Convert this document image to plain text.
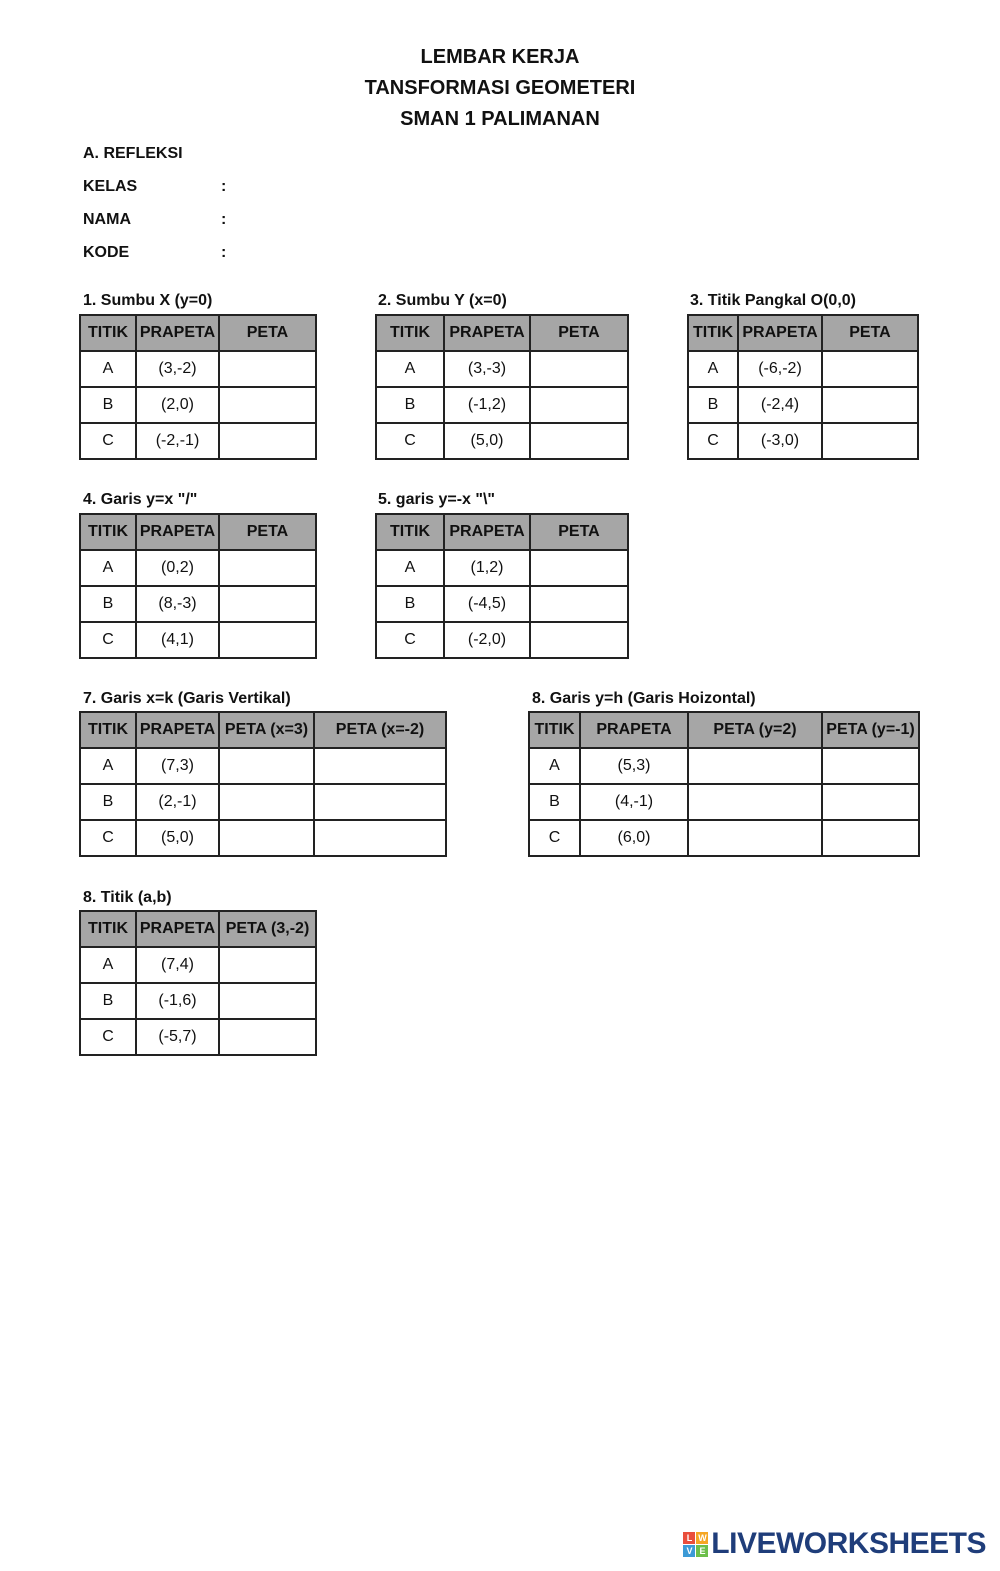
LEMBAR KERJA
TANSFORMASI GEOMETERI
SMAN 1 PALIMANAN
A. REFLEKSI
KELAS	:
NAMA	:
KODE	:
1. Sumbu X (y=0)
TITIK	PRAPETA	PETA
A	(3,-2)	
B	(2,0)	
C	(-2,-1)	
2. Sumbu Y (x=0)
TITIK	PRAPETA	PETA
A	(3,-3)	
B	(-1,2)	
C	(5,0)	
3. Titik Pangkal O(0,0)
TITIK	PRAPETA	PETA
A	(-6,-2)	
B	(-2,4)	
C	(-3,0)	
4. Garis y=x "/"
TITIK	PRAPETA	PETA
A	(0,2)	
B	(8,-3)	
C	(4,1)	
5. garis y=-x "\"
TITIK	PRAPETA	PETA
A	(1,2)	
B	(-4,5)	
C	(-2,0)	
7. Garis x=k (Garis Vertikal)
TITIK	PRAPETA	PETA (x=3)	PETA (x=-2)
A	(7,3)		
B	(2,-1)		
C	(5,0)		
8. Garis y=h (Garis Hoizontal)
TITIK	PRAPETA	PETA (y=2)	PETA (y=-1)
A	(5,3)		
B	(4,-1)		
C	(6,0)		
8. Titik (a,b)
TITIK	PRAPETA	PETA (3,-2)
A	(7,4)	
B	(-1,6)	
C	(-5,7)	
L W
V E LIVEWORKSHEETS
